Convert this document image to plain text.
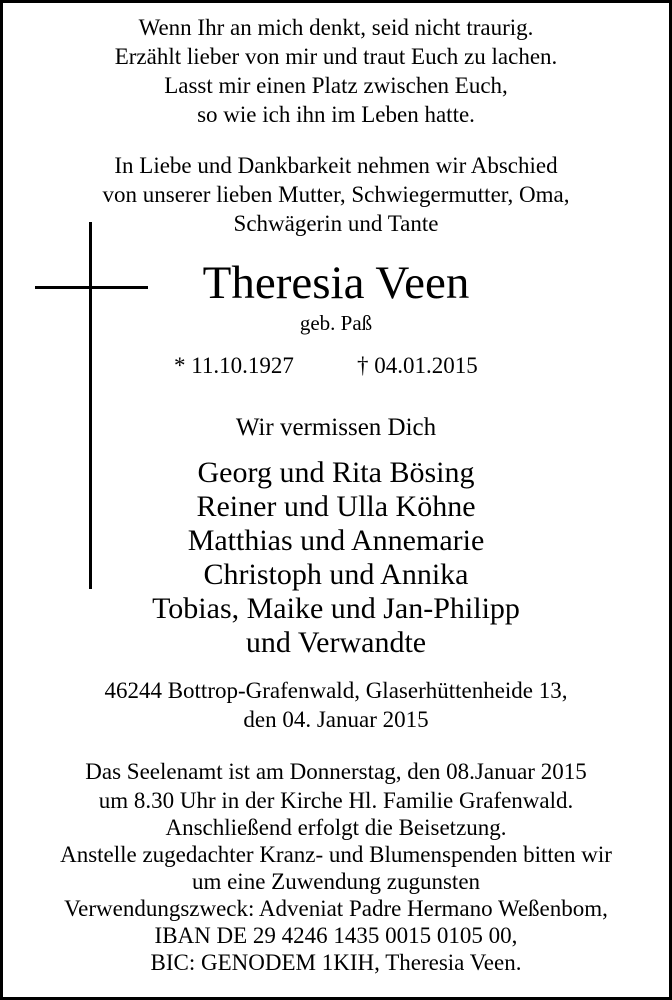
Wenn Ihr an mich denkt, seid nicht traurig.

Erzählt lieber von mir und traut Euch zu lachen.

Lasst mir einen Platz zwischen Euch,

so wie ich ihn im Leben hatte.

In Liebe und Dankbarkeit nehmen wir Abschied

von unserer lieben Mutter, Schwiegermutter, Oma,

Schwägerin und Tante

Theresia Veen

geb. Paß

* 11.10.1927	† 04.01.2015

Wir vermissen Dich

Georg und Rita Bösing

Reiner und Ulla Köhne

Matthias und Annemarie

Christoph und Annika

Tobias, Maike und Jan-Philipp

und Verwandte

46244 Bottrop-Grafenwald, Glaserhüttenheide 13,

den 04. Januar 2015

Das Seelenamt ist am Donnerstag, den 08.Januar 2015

um 8.30 Uhr in der Kirche Hl. Familie Grafenwald.

Anschließend erfolgt die Beisetzung.

Anstelle zugedachter Kranz- und Blumenspenden bitten wir

um eine Zuwendung zugunsten

Verwendungszweck: Adveniat Padre Hermano Weßenbom,

IBAN DE 29 4246 1435 0015 0105 00,

BIC: GENODEM 1KIH, Theresia Veen.
